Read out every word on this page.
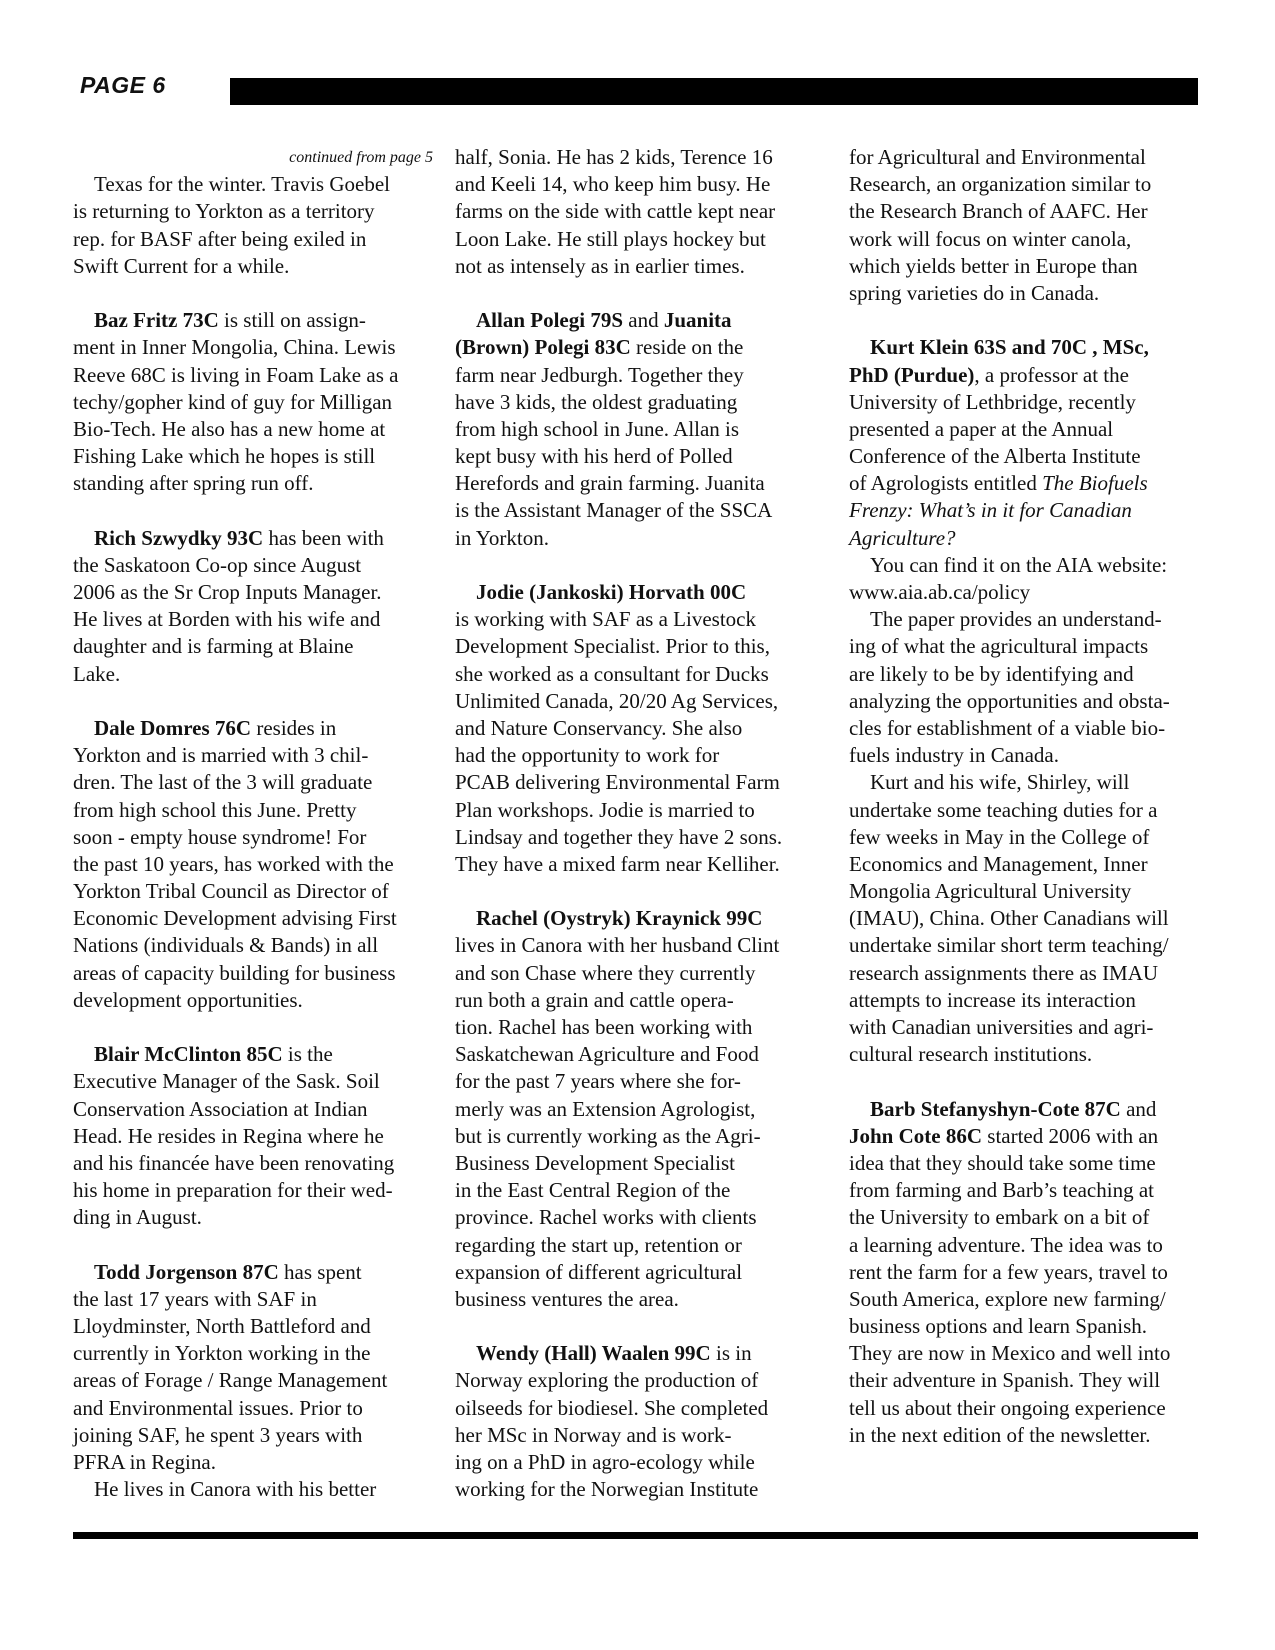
PAGE 6
continued from page 5
Texas for the winter. Travis Goebel
is returning to Yorkton as a territory
rep. for BASF after being exiled in
Swift Current for a while.
Baz Fritz 73C is still on assign-
ment in Inner Mongolia, China. Lewis
Reeve 68C is living in Foam Lake as a
techy/gopher kind of guy for Milligan
Bio-Tech. He also has a new home at
Fishing Lake which he hopes is still
standing after spring run off.
Rich Szwydky 93C has been with
the Saskatoon Co-op since August
2006 as the Sr Crop Inputs Manager.
He lives at Borden with his wife and
daughter and is farming at Blaine
Lake.
Dale Domres 76C resides in
Yorkton and is married with 3 chil-
dren. The last of the 3 will graduate
from high school this June. Pretty
soon - empty house syndrome! For
the past 10 years, has worked with the
Yorkton Tribal Council as Director of
Economic Development advising First
Nations (individuals & Bands) in all
areas of capacity building for business
development opportunities.
Blair McClinton 85C is the
Executive Manager of the Sask. Soil
Conservation Association at Indian
Head. He resides in Regina where he
and his financée have been renovating
his home in preparation for their wed-
ding in August.
Todd Jorgenson 87C has spent
the last 17 years with SAF in
Lloydminster, North Battleford and
currently in Yorkton working in the
areas of Forage / Range Management
and Environmental issues. Prior to
joining SAF, he spent 3 years with
PFRA in Regina.
He lives in Canora with his better
half, Sonia. He has 2 kids, Terence 16
and Keeli 14, who keep him busy. He
farms on the side with cattle kept near
Loon Lake. He still plays hockey but
not as intensely as in earlier times.
Allan Polegi 79S and Juanita
(Brown) Polegi 83C reside on the
farm near Jedburgh. Together they
have 3 kids, the oldest graduating
from high school in June. Allan is
kept busy with his herd of Polled
Herefords and grain farming. Juanita
is the Assistant Manager of the SSCA
in Yorkton.
Jodie (Jankoski) Horvath 00C
is working with SAF as a Livestock
Development Specialist. Prior to this,
she worked as a consultant for Ducks
Unlimited Canada, 20/20 Ag Services,
and Nature Conservancy. She also
had the opportunity to work for
PCAB delivering Environmental Farm
Plan workshops. Jodie is married to
Lindsay and together they have 2 sons.
They have a mixed farm near Kelliher.
Rachel (Oystryk) Kraynick 99C
lives in Canora with her husband Clint
and son Chase where they currently
run both a grain and cattle opera-
tion. Rachel has been working with
Saskatchewan Agriculture and Food
for the past 7 years where she for-
merly was an Extension Agrologist,
but is currently working as the Agri-
Business Development Specialist
in the East Central Region of the
province. Rachel works with clients
regarding the start up, retention or
expansion of different agricultural
business ventures the area.
Wendy (Hall) Waalen 99C is in
Norway exploring the production of
oilseeds for biodiesel. She completed
her MSc in Norway and is work-
ing on a PhD in agro-ecology while
working for the Norwegian Institute
for Agricultural and Environmental
Research, an organization similar to
the Research Branch of AAFC. Her
work will focus on winter canola,
which yields better in Europe than
spring varieties do in Canada.
Kurt Klein 63S and 70C , MSc,
PhD (Purdue), a professor at the
University of Lethbridge, recently
presented a paper at the Annual
Conference of the Alberta Institute
of Agrologists entitled The Biofuels
Frenzy: What’s in it for Canadian
Agriculture?
You can find it on the AIA website:
www.aia.ab.ca/policy
The paper provides an understand-
ing of what the agricultural impacts
are likely to be by identifying and
analyzing the opportunities and obsta-
cles for establishment of a viable bio-
fuels industry in Canada.
Kurt and his wife, Shirley, will
undertake some teaching duties for a
few weeks in May in the College of
Economics and Management, Inner
Mongolia Agricultural University
(IMAU), China. Other Canadians will
undertake similar short term teaching/
research assignments there as IMAU
attempts to increase its interaction
with Canadian universities and agri-
cultural research institutions.
Barb Stefanyshyn-Cote 87C and
John Cote 86C started 2006 with an
idea that they should take some time
from farming and Barb’s teaching at
the University to embark on a bit of
a learning adventure. The idea was to
rent the farm for a few years, travel to
South America, explore new farming/
business options and learn Spanish.
They are now in Mexico and well into
their adventure in Spanish. They will
tell us about their ongoing experience
in the next edition of the newsletter.
